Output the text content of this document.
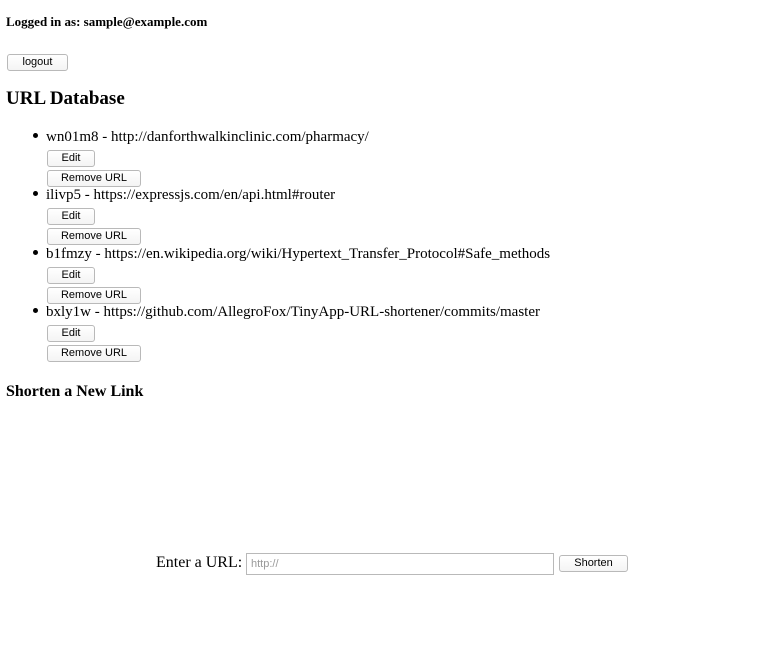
Logged in as: sample@example.com
logout
URL Database
wn01m8 - http://danforthwalkinclinic.com/pharmacy/
Edit
Remove URL
ilivp5 - https://expressjs.com/en/api.html#router
Edit
Remove URL
b1fmzy - https://en.wikipedia.org/wiki/Hypertext_Transfer_Protocol#Safe_methods
Edit
Remove URL
bxly1w - https://github.com/AllegroFox/TinyApp-URL-shortener/commits/master
Edit
Remove URL
Shorten a New Link
Enter a URL:
http://	Shorten
